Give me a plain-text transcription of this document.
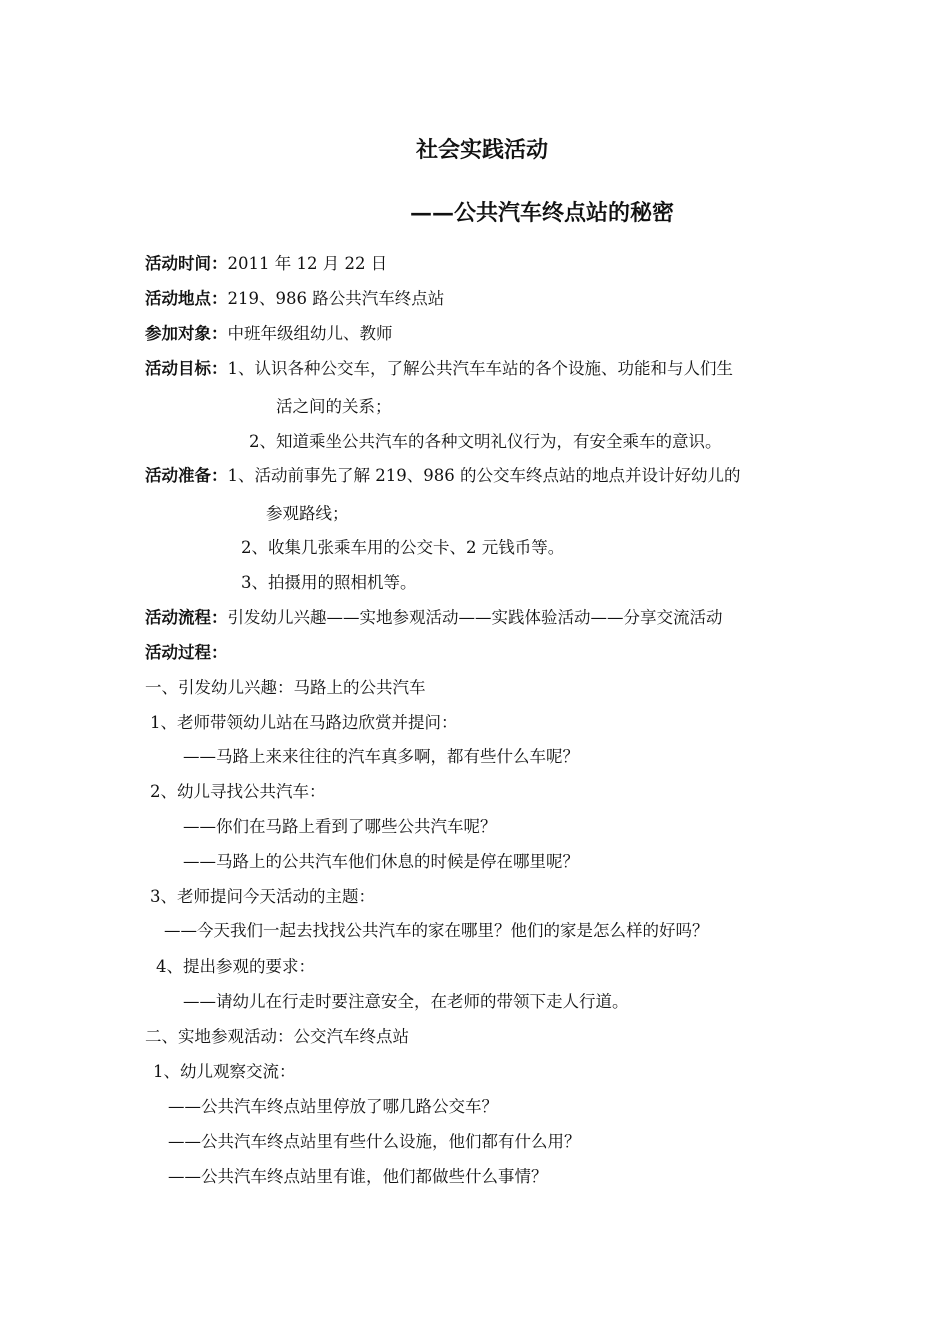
社会实践活动
——公共汽车终点站的秘密
活动时间：2011 年 12 月 22 日
活动地点：219、986 路公共汽车终点站
参加对象：中班年级组幼儿、教师
活动目标：1、认识各种公交车，了解公共汽车车站的各个设施、功能和与人们生
活之间的关系；
2、知道乘坐公共汽车的各种文明礼仪行为，有安全乘车的意识。
活动准备：1、活动前事先了解 219、986 的公交车终点站的地点并设计好幼儿的
参观路线；
2、收集几张乘车用的公交卡、2 元钱币等。
3、拍摄用的照相机等。
活动流程：引发幼儿兴趣——实地参观活动——实践体验活动——分享交流活动
活动过程：
一、引发幼儿兴趣：马路上的公共汽车
1、老师带领幼儿站在马路边欣赏并提问：
——马路上来来往往的汽车真多啊，都有些什么车呢？
2、幼儿寻找公共汽车：
——你们在马路上看到了哪些公共汽车呢？
——马路上的公共汽车他们休息的时候是停在哪里呢？
3、老师提问今天活动的主题：
——今天我们一起去找找公共汽车的家在哪里？他们的家是怎么样的好吗？
4、提出参观的要求：
——请幼儿在行走时要注意安全，在老师的带领下走人行道。
二、实地参观活动：公交汽车终点站
1、幼儿观察交流：
——公共汽车终点站里停放了哪几路公交车？
——公共汽车终点站里有些什么设施，他们都有什么用？
——公共汽车终点站里有谁，他们都做些什么事情？
